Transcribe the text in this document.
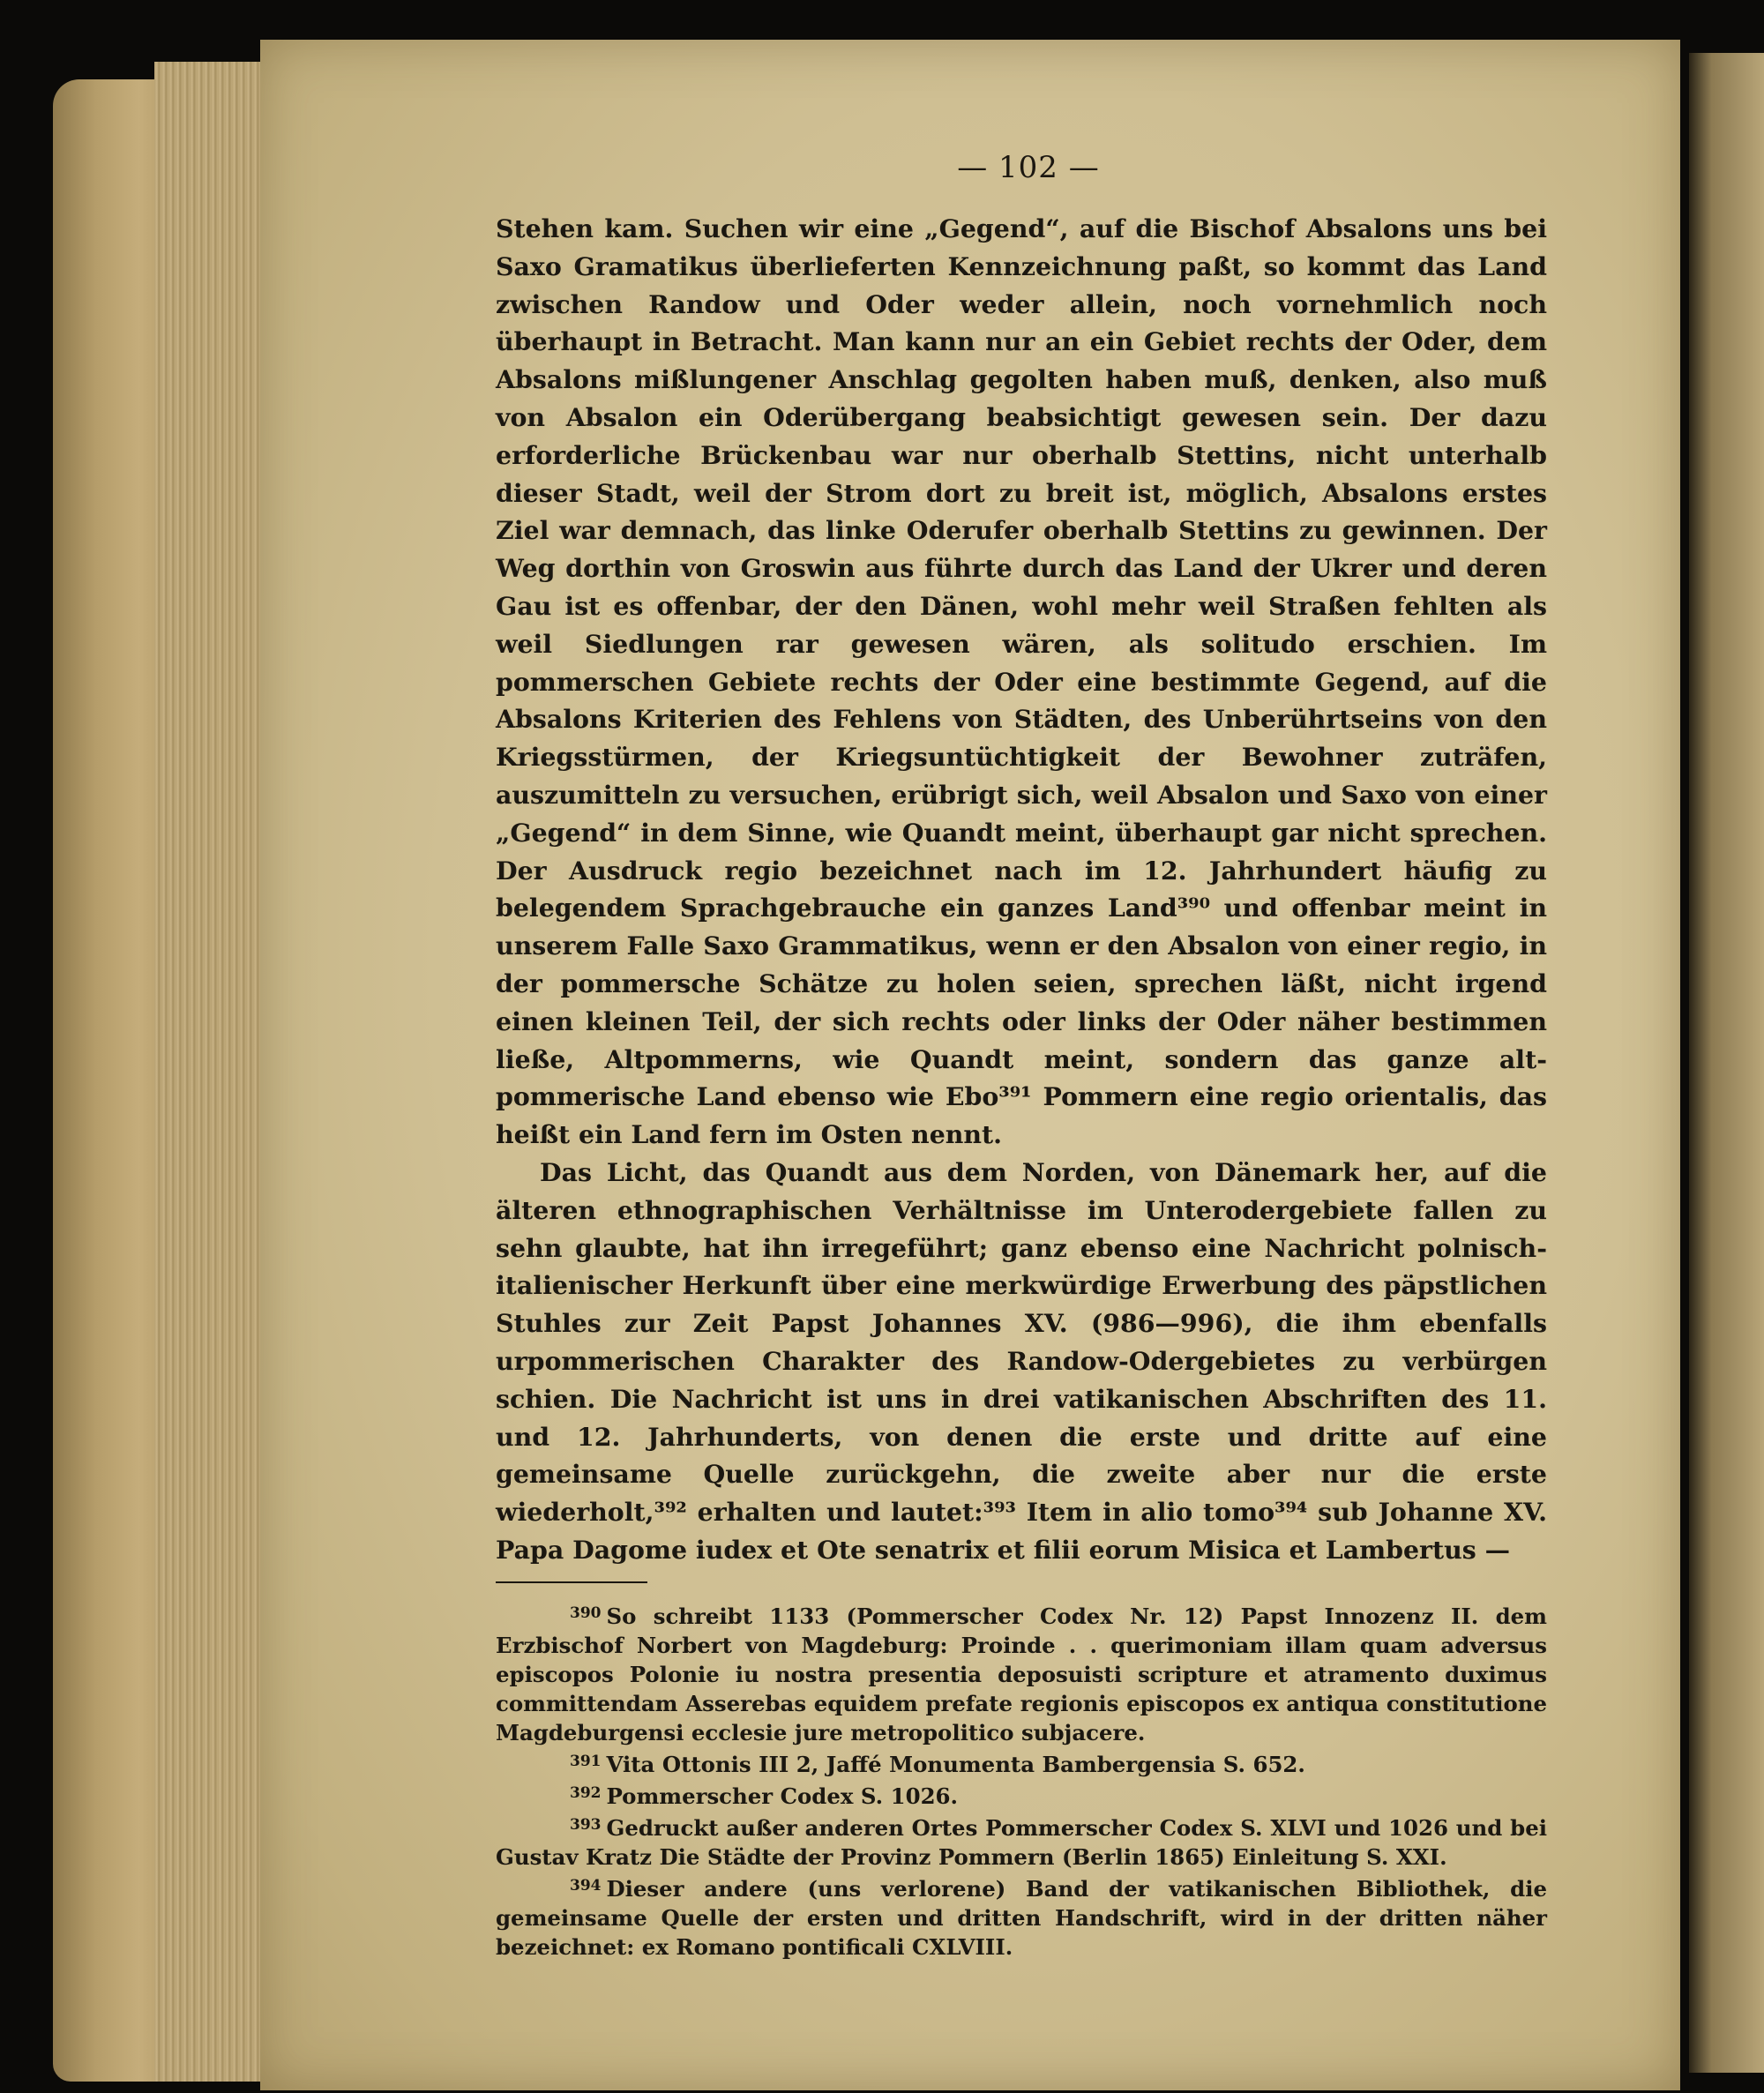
— 102 —

Stehen kam. Suchen wir eine „Gegend“, auf die Bischof Absalons uns bei Saxo Gramatikus überlieferten Kennzeichnung paßt, so kommt das Land zwischen Randow und Oder weder allein, noch vornehmlich noch überhaupt in Betracht. Man kann nur an ein Gebiet rechts der Oder, dem Absalons mißlungener Anschlag gegolten haben muß, denken, also muß von Absalon ein Oderübergang beabsichtigt gewesen sein. Der dazu erforderliche Brückenbau war nur oberhalb Stettins, nicht unterhalb dieser Stadt, weil der Strom dort zu breit ist, möglich, Absalons erstes Ziel war demnach, das linke Oderufer oberhalb Stettins zu gewinnen. Der Weg dorthin von Groswin aus führte durch das Land der Ukrer und deren Gau ist es offenbar, der den Dänen, wohl mehr weil Straßen fehlten als weil Siedlungen rar gewesen wären, als solitudo erschien. Im pommerschen Gebiete rechts der Oder eine bestimmte Gegend, auf die Absalons Kriterien des Fehlens von Städten, des Unberührtseins von den Kriegsstürmen, der Kriegsuntüchtigkeit der Bewohner zuträfen, auszumitteln zu versuchen, erübrigt sich, weil Absalon und Saxo von einer „Gegend“ in dem Sinne, wie Quandt meint, überhaupt gar nicht sprechen. Der Ausdruck regio bezeichnet nach im 12. Jahrhundert häufig zu belegendem Sprachgebrauche ein ganzes Land³⁹⁰ und offenbar meint in unserem Falle Saxo Grammatikus, wenn er den Absalon von einer regio, in der pommersche Schätze zu holen seien, sprechen läßt, nicht irgend einen kleinen Teil, der sich rechts oder links der Oder näher bestimmen ließe, Altpommerns, wie Quandt meint, sondern das ganze alt-pommerische Land ebenso wie Ebo³⁹¹ Pommern eine regio orientalis, das heißt ein Land fern im Osten nennt.

Das Licht, das Quandt aus dem Norden, von Dänemark her, auf die älteren ethnographischen Verhältnisse im Unterodergebiete fallen zu sehn glaubte, hat ihn irregeführt; ganz ebenso eine Nachricht polnisch-italienischer Herkunft über eine merkwürdige Erwerbung des päpstlichen Stuhles zur Zeit Papst Johannes XV. (986—996), die ihm ebenfalls urpommerischen Charakter des Randow-Odergebietes zu verbürgen schien. Die Nachricht ist uns in drei vatikanischen Abschriften des 11. und 12. Jahrhunderts, von denen die erste und dritte auf eine gemeinsame Quelle zurückgehn, die zweite aber nur die erste wiederholt,³⁹² erhalten und lautet:³⁹³ Item in alio tomo³⁹⁴ sub Johanne XV. Papa Dagome iudex et Ote senatrix et filii eorum Misica et Lambertus —

$^{390}$ So schreibt 1133 (Pommerscher Codex Nr. 12) Papst Innozenz II. dem Erzbischof Norbert von Magdeburg: Proinde . . querimoniam illam quam adversus episcopos Polonie iu nostra presentia deposuisti scripture et atramento duximus committendam Asserebas equidem prefate regionis episcopos ex antiqua constitutione Magdeburgensi ecclesie jure metropolitico subjacere.

$^{391}$ Vita Ottonis III 2, Jaffé Monumenta Bambergensia S. 652.

$^{392}$ Pommerscher Codex S. 1026.

$^{393}$ Gedruckt außer anderen Ortes Pommerscher Codex S. XLVI und 1026 und bei Gustav Kratz Die Städte der Provinz Pommern (Berlin 1865) Einleitung S. XXI.

$^{394}$ Dieser andere (uns verlorene) Band der vatikanischen Bibliothek, die gemeinsame Quelle der ersten und dritten Handschrift, wird in der dritten näher bezeichnet: ex Romano pontificali CXLVIII.
